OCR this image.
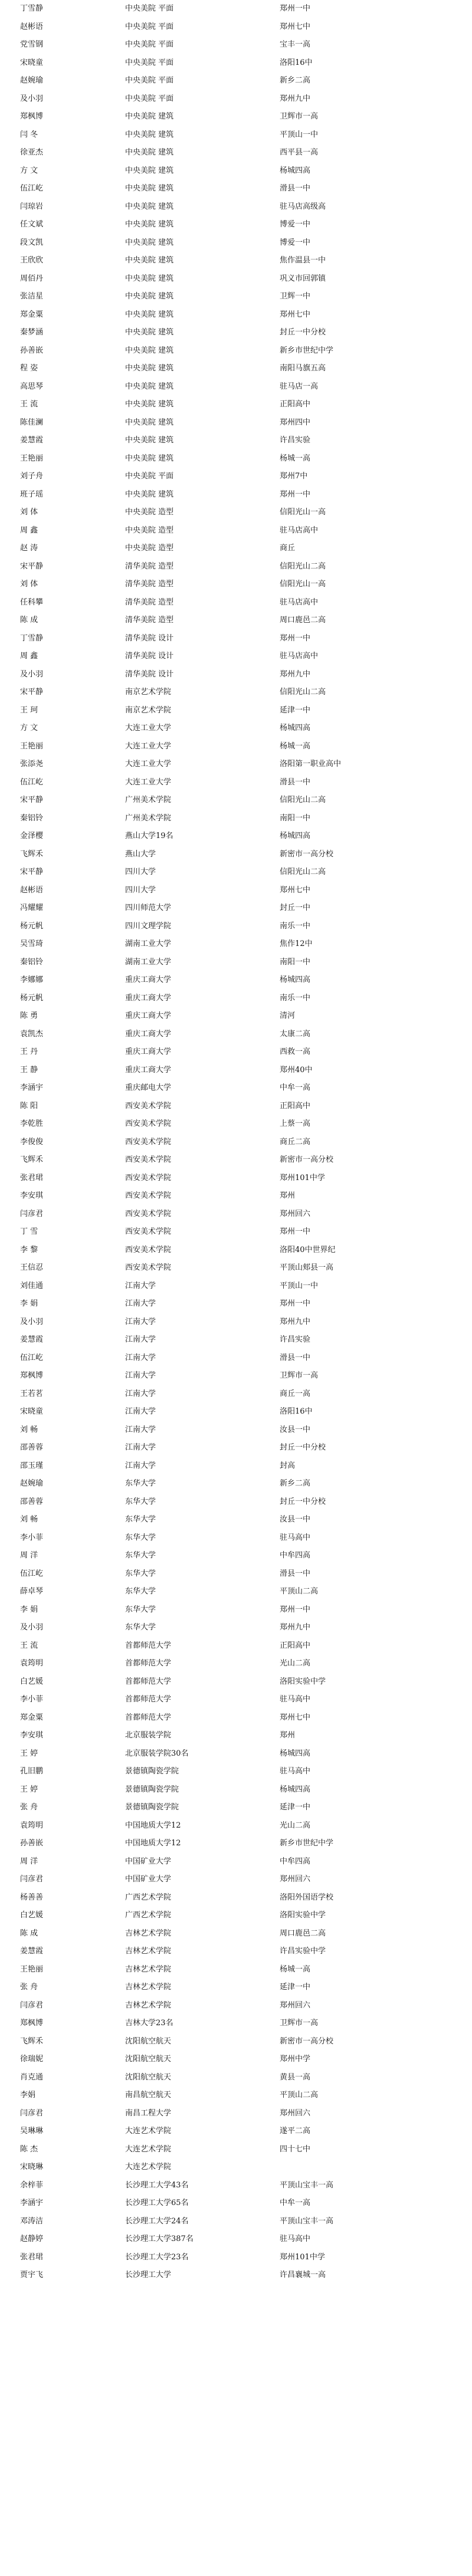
丁雪静	中央美院 平面	郑州一中
赵彬语	中央美院 平面	郑州七中
党雪钢	中央美院 平面	宝丰一高
宋晓童	中央美院 平面	洛阳16中
赵婉瑜	中央美院 平面	新乡二高
及小羽	中央美院 平面	郑州九中
郑枫博	中央美院 建筑	卫辉市一高
闫 冬	中央美院 建筑	平顶山一中
徐亚杰	中央美院 建筑	西平县一高
方 文	中央美院 建筑	杨城四高
伍江屹	中央美院 建筑	滑县一中
闫琼岩	中央美院 建筑	驻马店高级高
任文斌	中央美院 建筑	博爱一中
段文凯	中央美院 建筑	博爱一中
王欣欣	中央美院 建筑	焦作温县一中
周佰丹	中央美院 建筑	巩义市回郭镇
张洁星	中央美院 建筑	卫辉一中
郑金粟	中央美院 建筑	郑州七中
秦梦涵	中央美院 建筑	封丘一中分校
孙善嵌	中央美院 建筑	新乡市世纪中学
程 姿	中央美院 建筑	南阳马旗五高
高思琴	中央美院 建筑	驻马店一高
王 流	中央美院 建筑	正阳高中
陈佳澜	中央美院 建筑	郑州四中
姜慧霞	中央美院 建筑	许昌实验
王艳丽	中央美院 建筑	杨城一高
刘子舟	中央美院 平面	郑州7中
班子瑶	中央美院 建筑	郑州一中
刘 体	中央美院 造型	信阳光山一高
周 鑫	中央美院 造型	驻马店高中
赵 涛	中央美院 造型	商丘
宋平静	清华美院 造型	信阳光山二高
刘 体	清华美院 造型	信阳光山一高
任科攀	清华美院 造型	驻马店高中
陈 成	清华美院 造型	周口鹿邑二高
丁雪静	清华美院 设计	郑州一中
周 鑫	清华美院 设计	驻马店高中
及小羽	清华美院 设计	郑州九中
宋平静	南京艺术学院	信阳光山二高
王 珂	南京艺术学院	延津一中
方 文	大连工业大学	杨城四高
王艳丽	大连工业大学	杨城一高
张添尧	大连工业大学	洛阳第一职业高中
伍江屹	大连工业大学	滑县一中
宋平静	广州美术学院	信阳光山二高
秦铝铃	广州美术学院	南阳一中
金泽樱	燕山大学19名	杨城四高
飞辉禾	燕山大学	新密市一高分校
宋平静	四川大学	信阳光山二高
赵彬语	四川大学	郑州七中
冯耀耀	四川师范大学	封丘一中
杨元帆	四川文理学院	南乐一中
吴雪琦	湖南工业大学	焦作12中
秦铝铃	湖南工业大学	南阳一中
李娜娜	重庆工商大学	杨城四高
杨元帆	重庆工商大学	南乐一中
陈 勇	重庆工商大学	清河
袁凯杰	重庆工商大学	太康二高
王 丹	重庆工商大学	西救一高
王 静	重庆工商大学	郑州40中
李涵宇	重庆邮电大学	中牟一高
陈 阳	西安美术学院	正阳高中
李乾胜	西安美术学院	上蔡一高
李俊俊	西安美术学院	商丘二高
飞辉禾	西安美术学院	新密市一高分校
张君珺	西安美术学院	郑州101中学
李安琪	西安美术学院	郑州
闫彦君	西安美术学院	郑州回六
丁 雪	西安美术学院	郑州一中
李 黎	西安美术学院	洛阳40中世界纪
王信忍	西安美术学院	平顶山郏县一高
刘佳通	江南大学	平顶山一中
李 娟	江南大学	郑州一中
及小羽	江南大学	郑州九中
姜慧霞	江南大学	许昌实验
伍江屹	江南大学	滑县一中
郑枫博	江南大学	卫辉市一高
王若茗	江南大学	商丘一高
宋晓童	江南大学	洛阳16中
刘 畅	江南大学	汝县一中
邵善蓉	江南大学	封丘一中分校
邵玉瑾	江南大学	封高
赵婉瑜	东华大学	新乡二高
邵善蓉	东华大学	封丘一中分校
刘 畅	东华大学	汝县一中
李小菲	东华大学	驻马高中
周 洋	东华大学	中牟四高
伍江屹	东华大学	滑县一中
薛卓琴	东华大学	平顶山二高
李 娟	东华大学	郑州一中
及小羽	东华大学	郑州九中
王 流	首都师范大学	正阳高中
袁筠明	首都师范大学	光山二高
白艺媛	首都师范大学	洛阳实验中学
李小菲	首都师范大学	驻马高中
郑金粟	首都师范大学	郑州七中
李安琪	北京服装学院	郑州
王 婷	北京服装学院30名	杨城四高
孔旧鹏	景德镇陶瓷学院	驻马高中
王 婷	景德镇陶瓷学院	杨城四高
张 舟	景德镇陶瓷学院	延津一中
袁筠明	中国地质大学12	光山二高
孙善嵌	中国地质大学12	新乡市世纪中学
周 洋	中国矿业大学	中牟四高
闫彦君	中国矿业大学	郑州回六
杨善善	广西艺术学院	洛阳外国语学校
白艺媛	广西艺术学院	洛阳实验中学
陈 成	吉林艺术学院	周口鹿邑二高
姜慧霞	吉林艺术学院	许昌实验中学
王艳丽	吉林艺术学院	杨城一高
张 舟	吉林艺术学院	延津一中
闫彦君	吉林艺术学院	郑州回六
郑枫博	吉林大学23名	卫辉市一高
飞辉禾	沈阳航空航天	新密市一高分校
徐瑞妮	沈阳航空航天	郑州中学
肖克通	沈阳航空航天	黄县一高
李娟	南昌航空航天	平顶山二高
闫彦君	南昌工程大学	郑州回六
吴琳琳	大连艺术学院	遂平二高
陈 杰	大连艺术学院	四十七中
宋晓琳	大连艺术学院
余梓菲	长沙理工大学43名	平顶山宝丰一高
李涵宇	长沙理工大学65名	中牟一高
邓涛洁	长沙理工大学24名	平顶山宝丰一高
赵静婷	长沙理工大学387名	驻马高中
张君珺	长沙理工大学23名	郑州101中学
贾宇飞	长沙理工大学	许昌襄城一高
